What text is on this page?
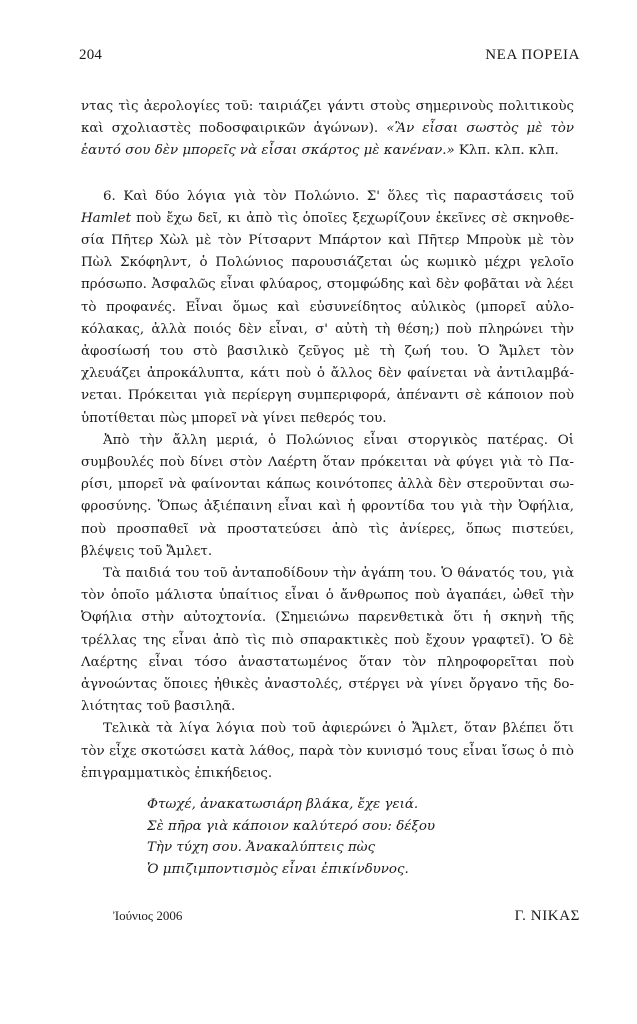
204	ΝΕΑ ΠΟΡΕΙΑ

ντας τὶς ἀερολογίες τοῦ: ταιριάζει γάντι στοὺς σημερινοὺς πολιτικοὺς καὶ σχολιαστὲς ποδοσφαιρικῶν ἀγώνων). «Ἂν εἶσαι σωστὸς μὲ τὸν ἑαυτό σου δὲν μπορεῖς νὰ εἶσαι σκάρτος μὲ κανέναν.» Κλπ. κλπ. κλπ.

6. Καὶ δύο λόγια γιὰ τὸν Πολώνιο. Σ' ὅλες τὶς παραστάσεις τοῦ Hamlet ποὺ ἔχω δεῖ, κι ἀπὸ τὶς ὁποῖες ξεχωρίζουν ἐκεῖνες σὲ σκηνοθεσία Πῆτερ Χὼλ μὲ τὸν Ρίτσαρντ Μπάρτον καὶ Πῆτερ Μπροὺκ μὲ τὸν Πὼλ Σκόφηλντ, ὁ Πολώνιος παρουσιάζεται ὡς κωμικὸ μέχρι γελοῖο πρόσωπο. Ἀσφαλῶς εἶναι φλύαρος, στομφώδης καὶ δὲν φοβᾶται νὰ λέει τὸ προφανές. Εἶναι ὅμως καὶ εὐσυνείδητος αὐλικὸς (μπορεῖ αὐλοκόλακας, ἀλλὰ ποιός δὲν εἶναι, σ' αὐτὴ τὴ θέση;) ποὺ πληρώνει τὴν ἀφοσίωσή του στὸ βασιλικὸ ζεῦγος μὲ τὴ ζωή του. Ὁ Ἄμλετ τὸν χλευάζει ἀπροκάλυπτα, κάτι ποὺ ὁ ἄλλος δὲν φαίνεται νὰ ἀντιλαμβάνεται. Πρόκειται γιὰ περίεργη συμπεριφορά, ἀπέναντι σὲ κάποιον ποὺ ὑποτίθεται πὼς μπορεῖ νὰ γίνει πεθερός του.

Ἀπὸ τὴν ἄλλη μεριά, ὁ Πολώνιος εἶναι στοργικὸς πατέρας. Οἱ συμβουλές ποὺ δίνει στὸν Λαέρτη ὅταν πρόκειται νὰ φύγει γιὰ τὸ Παρίσι, μπορεῖ νὰ φαίνονται κάπως κοινότοπες ἀλλὰ δὲν στεροῦνται σωφροσύνης. Ὅπως ἀξιέπαινη εἶναι καὶ ἡ φροντίδα του γιὰ τὴν Ὀφήλια, ποὺ προσπαθεῖ νὰ προστατεύσει ἀπὸ τὶς ἀνίερες, ὅπως πιστεύει, βλέψεις τοῦ Ἄμλετ.

Τὰ παιδιά του τοῦ ἀνταποδίδουν τὴν ἀγάπη του. Ὁ θάνατός του, γιὰ τὸν ὁποῖο μάλιστα ὑπαίτιος εἶναι ὁ ἄνθρωπος ποὺ ἀγαπάει, ὠθεῖ τὴν Ὀφήλια στὴν αὐτοχτονία. (Σημειώνω παρενθετικὰ ὅτι ἡ σκηνὴ τῆς τρέλλας της εἶναι ἀπὸ τὶς πιὸ σπαρακτικὲς ποὺ ἔχουν γραφτεῖ). Ὁ δὲ Λαέρτης εἶναι τόσο ἀναστατωμένος ὅταν τὸν πληροφορεῖται ποὺ ἀγνοώντας ὅποιες ἠθικὲς ἀναστολές, στέργει νὰ γίνει ὄργανο τῆς δολιότητας τοῦ βασιληᾶ.

Τελικὰ τὰ λίγα λόγια ποὺ τοῦ ἀφιερώνει ὁ Ἄμλετ, ὅταν βλέπει ὅτι τὸν εἶχε σκοτώσει κατὰ λάθος, παρὰ τὸν κυνισμό τους εἶναι ἴσως ὁ πιὸ ἐπιγραμματικὸς ἐπικήδειος.

Φτωχέ, ἀνακατωσιάρη βλάκα, ἔχε γειά.
Σὲ πῆρα γιὰ κάποιον καλύτερό σου: δέξου
Τὴν τύχη σου. Ἀνακαλύπτεις πὼς
Ὁ μπιζιμποντισμὸς εἶναι ἐπικίνδυνος.
Ἰούνιος 2006	Γ. ΝΙΚΑΣ
